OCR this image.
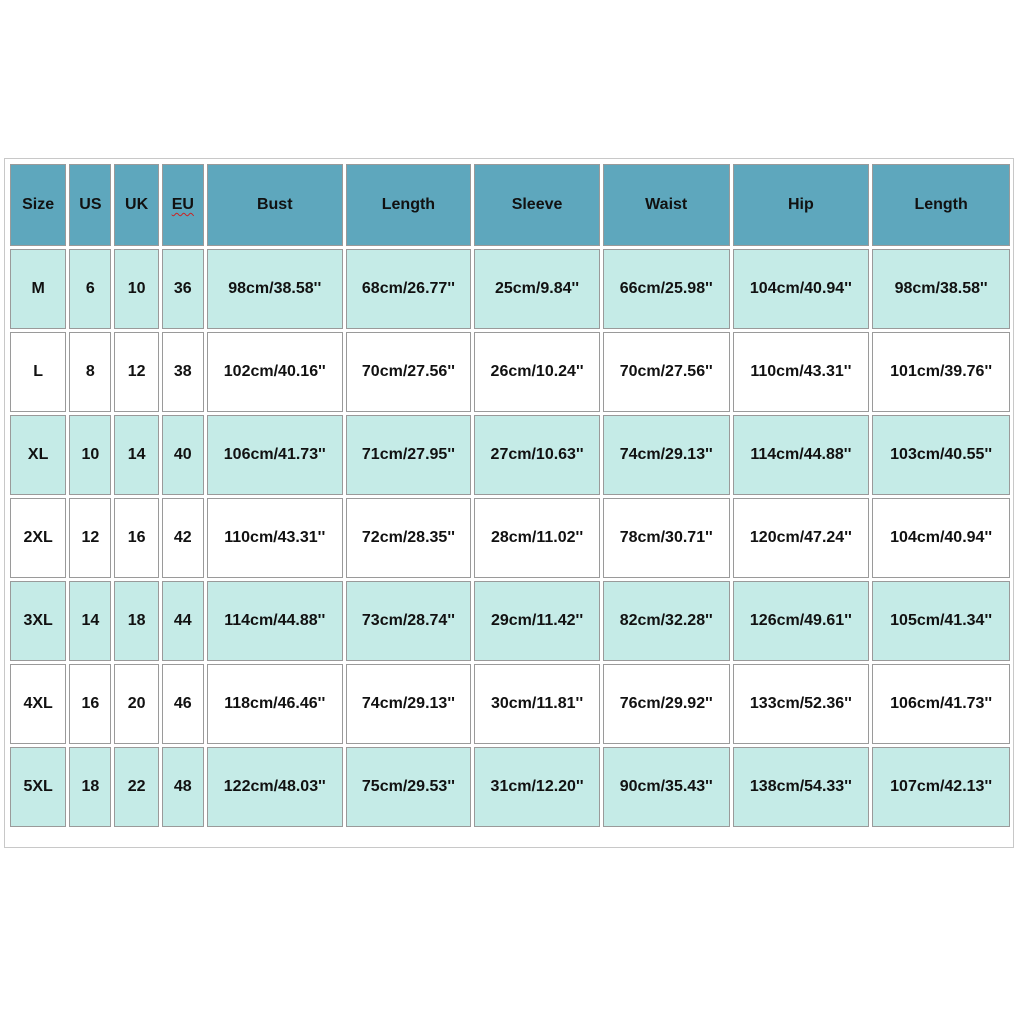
Size	US	UK	EU	Bust	Length	Sleeve	Waist	Hip	Length
M	6	10	36	98cm/38.58''	68cm/26.77''	25cm/9.84''	66cm/25.98''	104cm/40.94''	98cm/38.58''
L	8	12	38	102cm/40.16''	70cm/27.56''	26cm/10.24''	70cm/27.56''	110cm/43.31''	101cm/39.76''
XL	10	14	40	106cm/41.73''	71cm/27.95''	27cm/10.63''	74cm/29.13''	114cm/44.88''	103cm/40.55''
2XL	12	16	42	110cm/43.31''	72cm/28.35''	28cm/11.02''	78cm/30.71''	120cm/47.24''	104cm/40.94''
3XL	14	18	44	114cm/44.88''	73cm/28.74''	29cm/11.42''	82cm/32.28''	126cm/49.61''	105cm/41.34''
4XL	16	20	46	118cm/46.46''	74cm/29.13''	30cm/11.81''	76cm/29.92''	133cm/52.36''	106cm/41.73''
5XL	18	22	48	122cm/48.03''	75cm/29.53''	31cm/12.20''	90cm/35.43''	138cm/54.33''	107cm/42.13''
